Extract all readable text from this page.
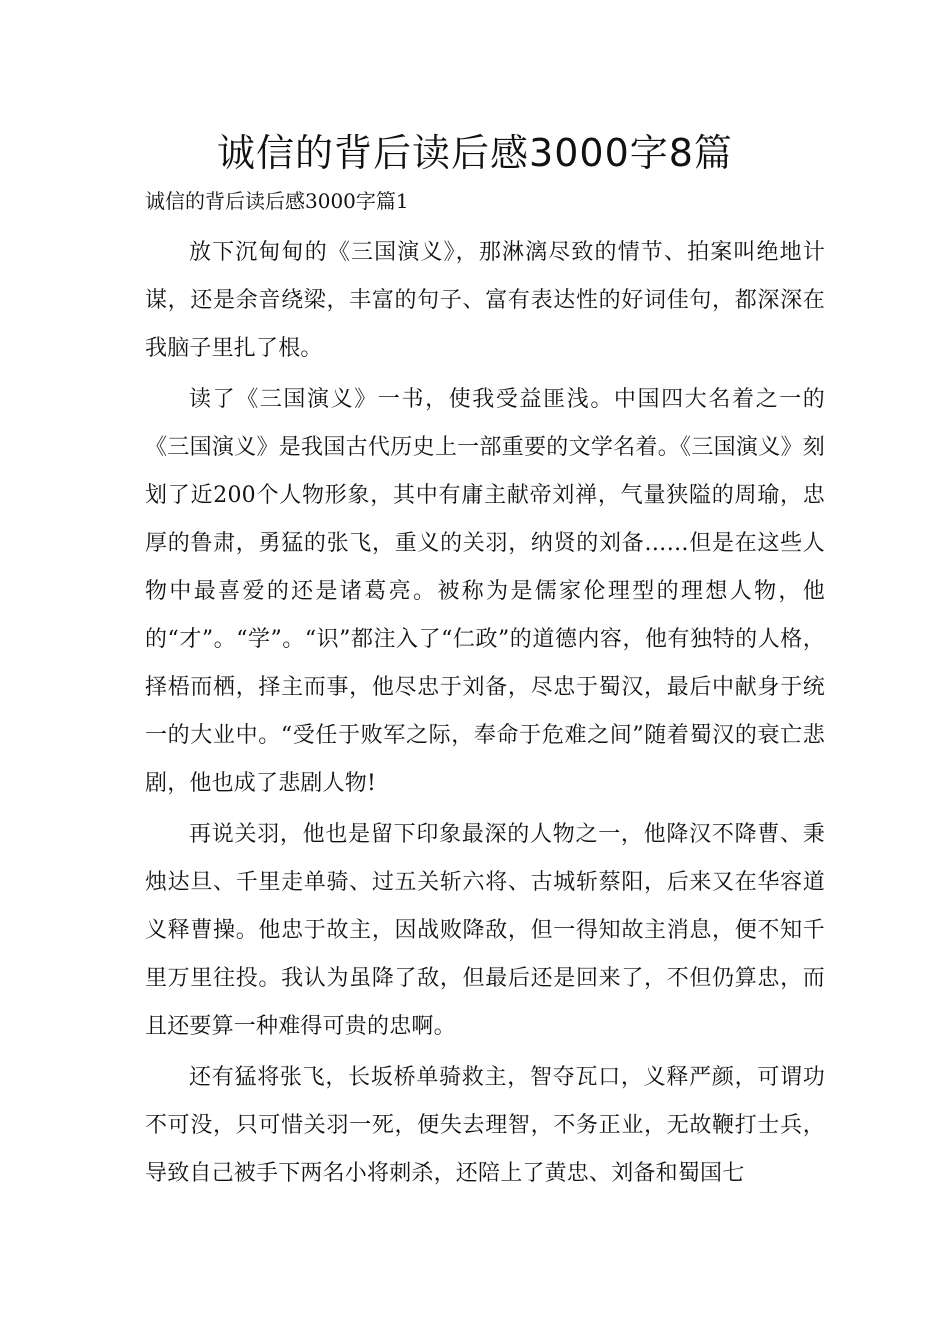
诚信的背后读后感3000字8篇
诚信的背后读后感3000字篇1

放下沉甸甸的《三国演义》，那淋漓尽致的情节、拍案叫绝地计谋，还是余音绕梁，丰富的句子、富有表达性的好词佳句，都深深在我脑子里扎了根。

读了《三国演义》一书，使我受益匪浅。中国四大名着之一的《三国演义》是我国古代历史上一部重要的文学名着。《三国演义》刻划了近200个人物形象，其中有庸主献帝刘禅，气量狭隘的周瑜，忠厚的鲁肃，勇猛的张飞，重义的关羽，纳贤的刘备……但是在这些人物中最喜爱的还是诸葛亮。被称为是儒家伦理型的理想人物，他的“才”。“学”。“识”都注入了“仁政”的道德内容，他有独特的人格，择梧而栖，择主而事，他尽忠于刘备，尽忠于蜀汉，最后中献身于统一的大业中。“受任于败军之际，奉命于危难之间”随着蜀汉的衰亡悲剧，他也成了悲剧人物!

再说关羽，他也是留下印象最深的人物之一，他降汉不降曹、秉烛达旦、千里走单骑、过五关斩六将、古城斩蔡阳，后来又在华容道义释曹操。他忠于故主，因战败降敌，但一得知故主消息，便不知千里万里往投。我认为虽降了敌，但最后还是回来了，不但仍算忠，而且还要算一种难得可贵的忠啊。

还有猛将张飞，长坂桥单骑救主，智夺瓦口，义释严颜，可谓功不可没，只可惜关羽一死，便失去理智，不务正业，无故鞭打士兵，导致自己被手下两名小将刺杀，还陪上了黄忠、刘备和蜀国七
